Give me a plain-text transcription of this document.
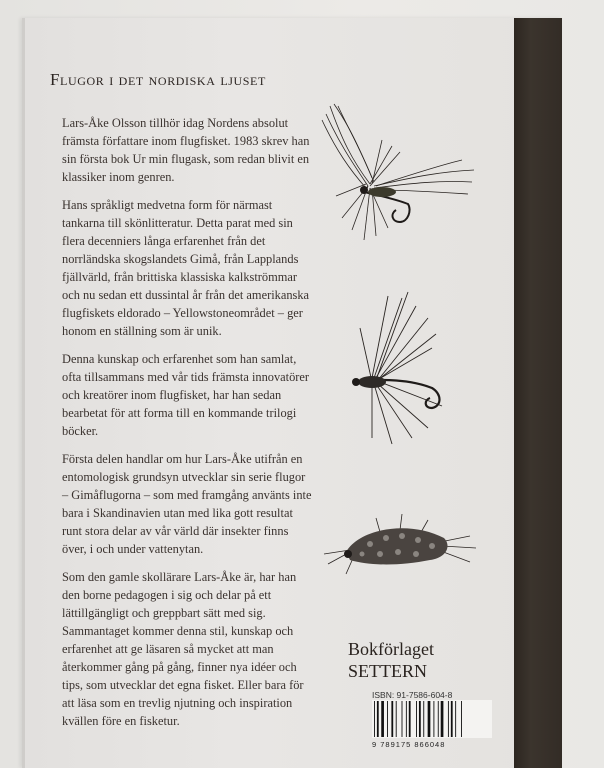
Flugor i det nordiska ljuset

Lars-Åke Olsson tillhör idag Nordens absolut främsta författare inom flugfisket. 1983 skrev han sin första bok Ur min flugask, som redan blivit en klassiker inom genren.

Hans språkligt medvetna form för närmast tankarna till skönlitteratur. Detta parat med sin flera decenniers långa erfarenhet från det norrländska skogslandets Gimå, från Lapplands fjällvärld, från brittiska klassiska kalkströmmar och nu sedan ett dussintal år från det amerikanska flugfiskets eldorado – Yellowstoneområdet – ger honom en ställning som är unik.

Denna kunskap och erfarenhet som han samlat, ofta tillsammans med vår tids främsta innovatörer och kreatörer inom flugfisket, har han sedan bearbetat för att forma till en kommande trilogi böcker.

Första delen handlar om hur Lars-Åke utifrån en entomologisk grundsyn utvecklar sin serie flugor – Gimåflugorna – som med framgång använts inte bara i Skandinavien utan med lika gott resultat runt stora delar av vår värld där insekter finns över, i och under vattenytan.

Som den gamle skollärare Lars-Åke är, har han den borne pedagogen i sig och delar på ett lättillgängligt och greppbart sätt med sig. Sammantaget kommer denna stil, kunskap och erfarenhet att ge läsaren så mycket att man återkommer gång på gång, finner nya idéer och tips, som utvecklar det egna fisket. Eller bara för att läsa som en trevlig njutning och inspiration kvällen före en fisketur.

Bokförlaget
SETTERN
ISBN: 91-7586-604-8
9 789175 866048
